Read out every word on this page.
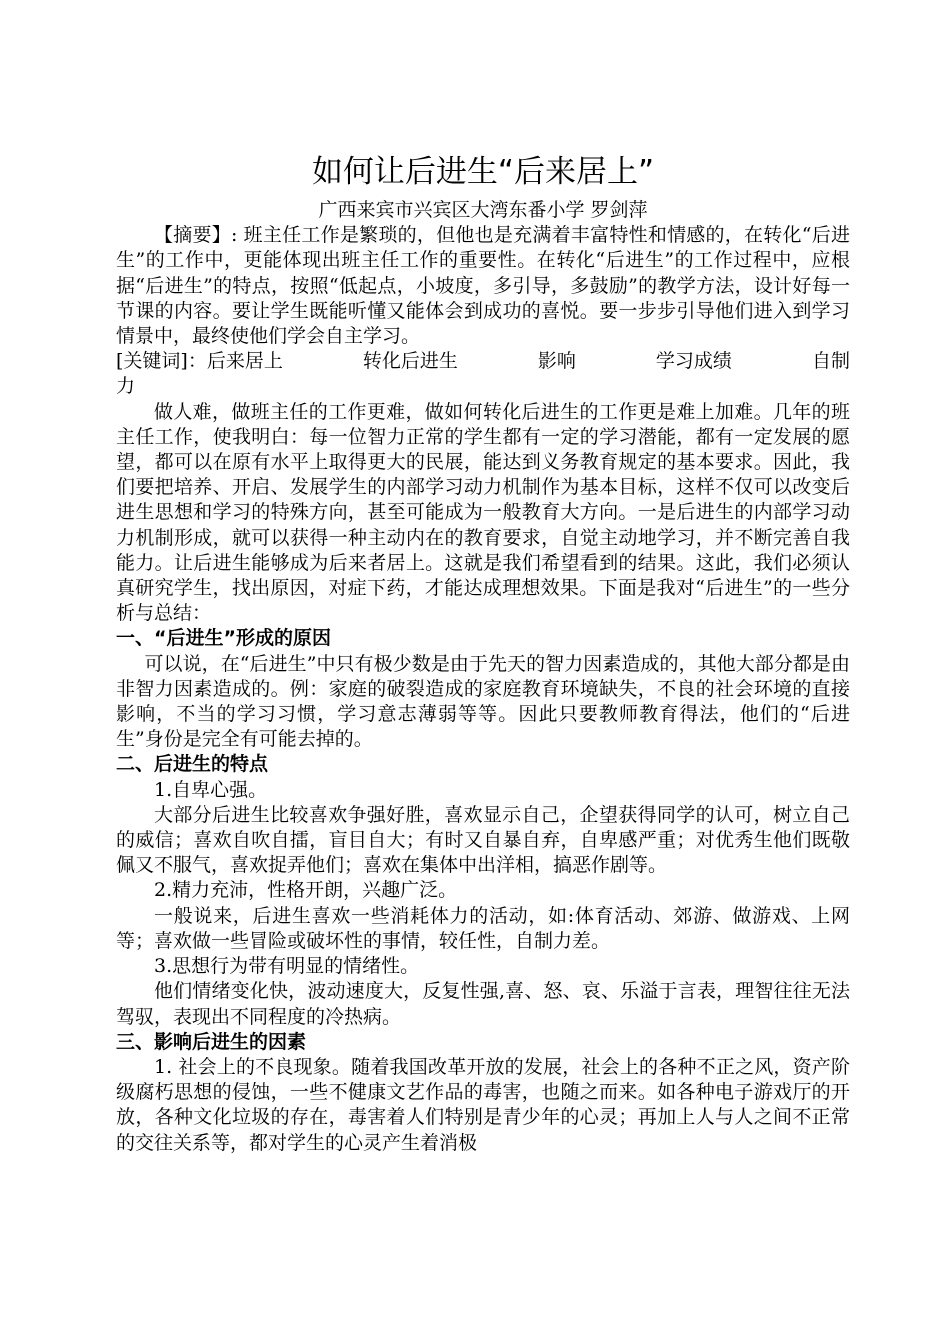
如何让后进生“后来居上”

广西来宾市兴宾区大湾东番小学 罗剑萍

【摘要】: 班主任工作是繁琐的，但他也是充满着丰富特性和情感的，在转化“后进生”的工作中，更能体现出班主任工作的重要性。在转化“后进生”的工作过程中，应根据“后进生”的特点，按照“低起点，小坡度，多引导，多鼓励”的教学方法，设计好每一节课的内容。要让学生既能听懂又能体会到成功的喜悦。要一步步引导他们进入到学习情景中，最终使他们学会自主学习。

[关键词]：后来居上	转化后进生	影响	学习成绩	自制

力

做人难，做班主任的工作更难，做如何转化后进生的工作更是难上加难。几年的班主任工作，使我明白：每一位智力正常的学生都有一定的学习潜能，都有一定发展的愿望，都可以在原有水平上取得更大的民展，能达到义务教育规定的基本要求。因此，我们要把培养、开启、发展学生的内部学习动力机制作为基本目标，这样不仅可以改变后进生思想和学习的特殊方向，甚至可能成为一般教育大方向。一是后进生的内部学习动力机制形成，就可以获得一种主动内在的教育要求，自觉主动地学习，并不断完善自我能力。让后进生能够成为后来者居上。这就是我们希望看到的结果。这此，我们必须认真研究学生，找出原因，对症下药，才能达成理想效果。下面是我对“后进生”的一些分析与总结：

一、“后进生”形成的原因

可以说，在“后进生”中只有极少数是由于先天的智力因素造成的，其他大部分都是由非智力因素造成的。例：家庭的破裂造成的家庭教育环境缺失，不良的社会环境的直接影响，不当的学习习惯，学习意志薄弱等等。因此只要教师教育得法，他们的“后进生”身份是完全有可能去掉的。

二、后进生的特点

1.自卑心强。

大部分后进生比较喜欢争强好胜，喜欢显示自己，企望获得同学的认可，树立自己的威信；喜欢自吹自擂，盲目自大；有时又自暴自弃，自卑感严重；对优秀生他们既敬佩又不服气，喜欢捉弄他们；喜欢在集体中出洋相，搞恶作剧等。

2.精力充沛，性格开朗，兴趣广泛。

一般说来，后进生喜欢一些消耗体力的活动，如:体育活动、郊游、做游戏、上网等；喜欢做一些冒险或破坏性的事情，较任性，自制力差。

3.思想行为带有明显的情绪性。

他们情绪变化快，波动速度大，反复性强,喜、怒、哀、乐溢于言表，理智往往无法驾驭，表现出不同程度的冷热病。

三、影响后进生的因素

1. 社会上的不良现象。随着我国改革开放的发展，社会上的各种不正之风，资产阶级腐朽思想的侵蚀，一些不健康文艺作品的毒害，也随之而来。如各种电子游戏厅的开放，各种文化垃圾的存在，毒害着人们特别是青少年的心灵；再加上人与人之间不正常的交往关系等，都对学生的心灵产生着消极
